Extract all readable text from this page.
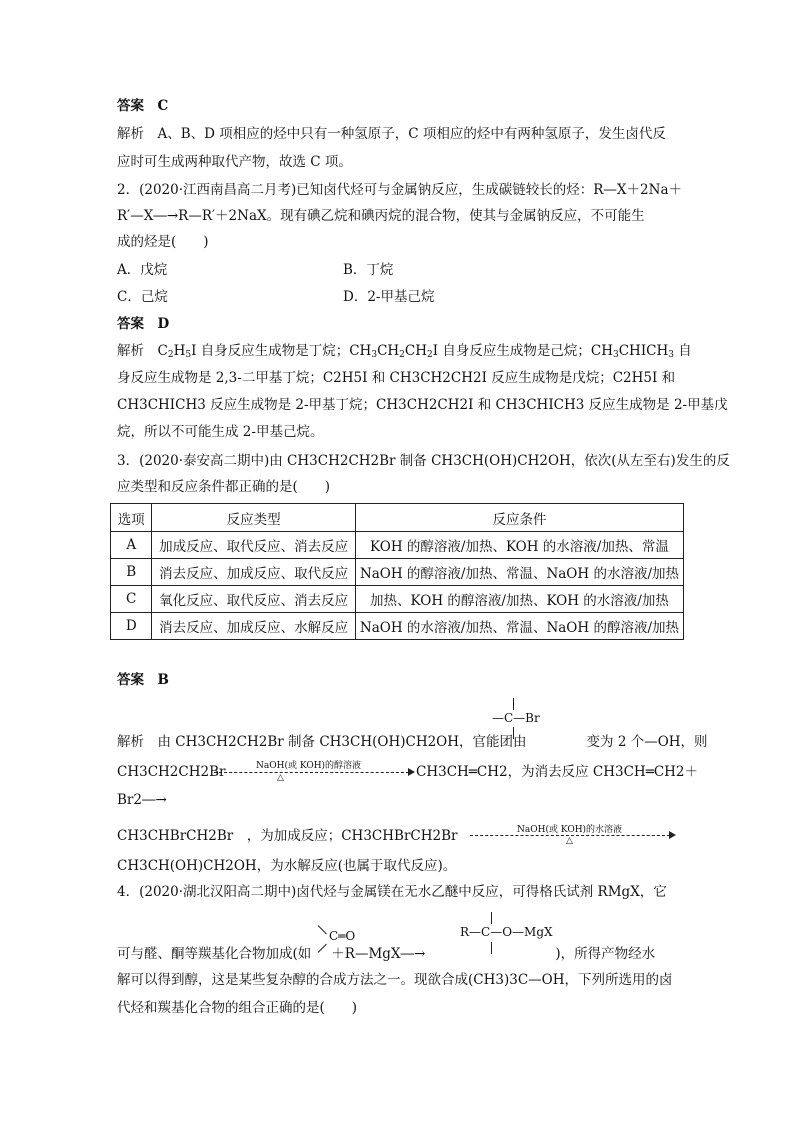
答案　C
解析　A、B、D 项相应的烃中只有一种氢原子，C 项相应的烃中有两种氢原子，发生卤代反
应时可生成两种取代产物，故选 C 项。
2．(2020·江西南昌高二月考)已知卤代烃可与金属钠反应，生成碳链较长的烃：R—X＋2Na＋
R′—X―→R—R′＋2NaX。现有碘乙烷和碘丙烷的混合物，使其与金属钠反应，不可能生
成的烃是(　　)
A．戊烷	B．丁烷
C．己烷	D．2-甲基己烷
答案　D
解析　$C_2H_5I$ 自身反应生成物是丁烷；$CH_3CH_2CH_2I$ 自身反应生成物是己烷；$CH_3CHICH_3$ 自
身反应生成物是 2,3-二甲基丁烷；C2H5I 和 CH3CH2CH2I 反应生成物是戊烷；C2H5I 和
CH3CHICH3 反应生成物是 2-甲基丁烷；CH3CH2CH2I 和 CH3CHICH3 反应生成物是 2-甲基戊
烷，所以不可能生成 2-甲基己烷。
3．(2020·泰安高二期中)由 CH3CH2CH2Br 制备 CH3CH(OH)CH2OH，依次(从左至右)发生的反
应类型和反应条件都正确的是(　　)
选项	反应类型	反应条件
A	加成反应、取代反应、消去反应	KOH 的醇溶液/加热、KOH 的水溶液/加热、常温
B	消去反应、加成反应、取代反应	NaOH 的醇溶液/加热、常温、NaOH 的水溶液/加热
C	氧化反应、取代反应、消去反应	加热、KOH 的醇溶液/加热、KOH 的水溶液/加热
D	消去反应、加成反应、水解反应	NaOH 的水溶液/加热、常温、NaOH 的醇溶液/加热
答案　B
—C—Br
解析　由 CH3CH2CH2Br 制备 CH3CH(OH)CH2OH，官能团由	变为 2 个—OH，则
CH3CH2CH2Br	NaOH(或 KOH)的醇溶液
△	CH3CH═CH2，为消去反应 CH3CH═CH2＋
Br2―→
CH3CHBrCH2Br　，为加成反应；CH3CHBrCH2Br	NaOH(或 KOH)的水溶液
△
CH3CH(OH)CH2OH，为水解反应(也属于取代反应)。
4．(2020·湖北汉阳高二期中)卤代烃与金属镁在无水乙醚中反应，可得格氏试剂 RMgX，它
C═O	R—C—O—MgX
可与醛、酮等羰基化合物加成(如 ＋R—MgX―→	)，所得产物经水
解可以得到醇，这是某些复杂醇的合成方法之一。现欲合成(CH3)3C—OH，下列所选用的卤
代烃和羰基化合物的组合正确的是(　　)
